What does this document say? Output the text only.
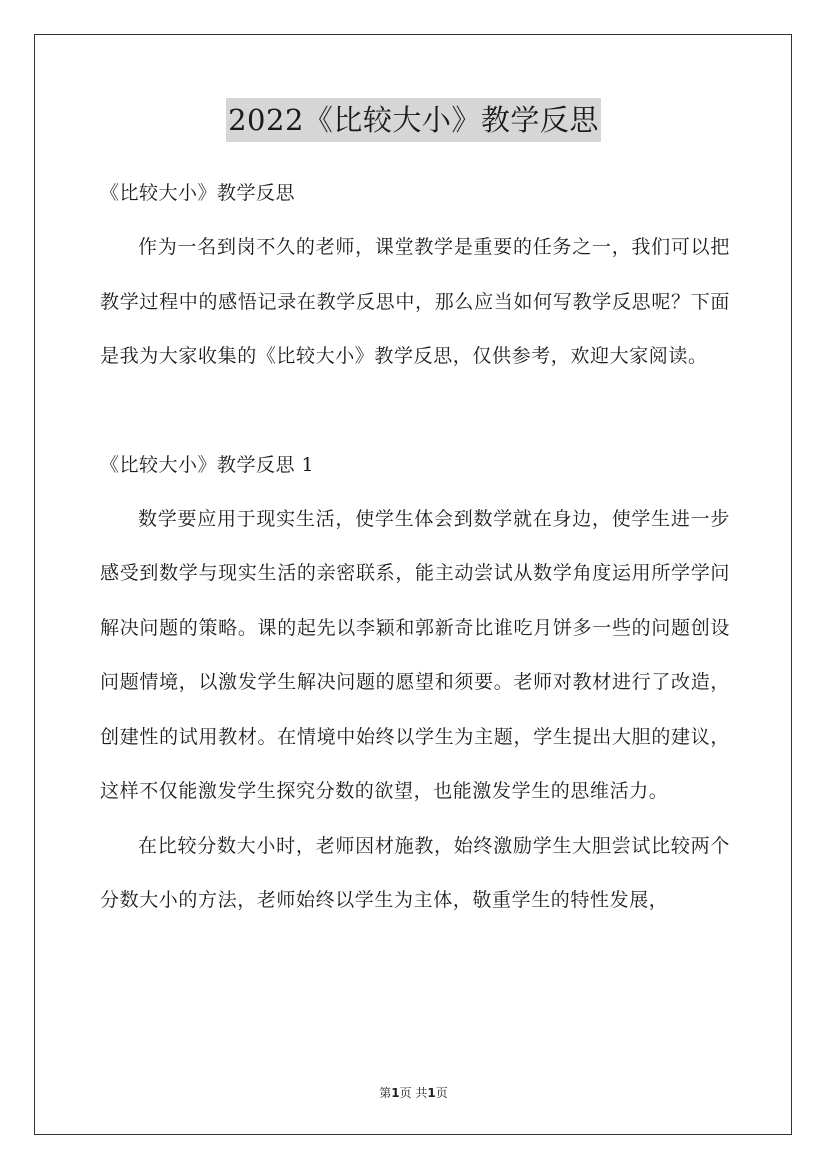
2022《比较大小》教学反思

《比较大小》教学反思

作为一名到岗不久的老师，课堂教学是重要的任务之一，我们可以把教学过程中的感悟记录在教学反思中，那么应当如何写教学反思呢？下面是我为大家收集的《比较大小》教学反思，仅供参考，欢迎大家阅读。

《比较大小》教学反思 1

数学要应用于现实生活，使学生体会到数学就在身边，使学生进一步感受到数学与现实生活的亲密联系，能主动尝试从数学角度运用所学学问解决问题的策略。课的起先以李颖和郭新奇比谁吃月饼多一些的问题创设问题情境，以激发学生解决问题的愿望和须要。老师对教材进行了改造，创建性的试用教材。在情境中始终以学生为主题，学生提出大胆的建议，这样不仅能激发学生探究分数的欲望，也能激发学生的思维活力。

在比较分数大小时，老师因材施教，始终激励学生大胆尝试比较两个分数大小的方法，老师始终以学生为主体，敬重学生的特性发展，

第1页 共1页
